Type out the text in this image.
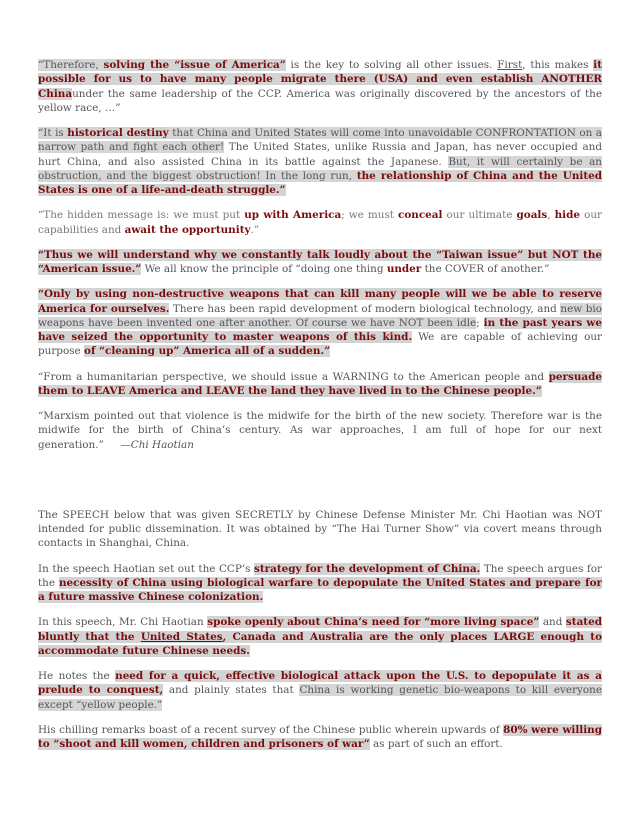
“Therefore, solving the “issue of America” is the key to solving all other issues. First, this makes it possible for us to have many people migrate there (USA) and even establish ANOTHER Chinaunder the same leadership of the CCP. America was originally discovered by the ancestors of the yellow race, …”

“It is historical destiny that China and United States will come into unavoidable CONFRONTATION on a narrow path and fight each other! The United States, unlike Russia and Japan, has never occupied and hurt China, and also assisted China in its battle against the Japanese. But, it will certainly be an obstruction, and the biggest obstruction! In the long run, the relationship of China and the United States is one of a life-and-death struggle.”

“The hidden message is: we must put up with America; we must conceal our ultimate goals, hide our capabilities and await the opportunity.”

“Thus we will understand why we constantly talk loudly about the “Taiwan issue” but NOT the “American issue.” We all know the principle of “doing one thing under the COVER of another.”

“Only by using non-destructive weapons that can kill many people will we be able to reserve America for ourselves. There has been rapid development of modern biological technology, and new bio weapons have been invented one after another. Of course we have NOT been idle; in the past years we have seized the opportunity to master weapons of this kind. We are capable of achieving our purpose of “cleaning up” America all of a sudden.”

“From a humanitarian perspective, we should issue a WARNING to the American people and persuade them to LEAVE America and LEAVE the land they have lived in to the Chinese people.”

“Marxism pointed out that violence is the midwife for the birth of the new society. Therefore war is the midwife for the birth of China’s century. As war approaches, I am full of hope for our next generation.” —Chi Haotian

The SPEECH below that was given SECRETLY by Chinese Defense Minister Mr. Chi Haotian was NOT intended for public dissemination. It was obtained by “The Hai Turner Show” via covert means through contacts in Shanghai, China.

In the speech Haotian set out the CCP’s strategy for the development of China. The speech argues for the necessity of China using biological warfare to depopulate the United States and prepare for a future massive Chinese colonization.

In this speech, Mr. Chi Haotian spoke openly about China’s need for “more living space” and stated bluntly that the United States, Canada and Australia are the only places LARGE enough to accommodate future Chinese needs.

He notes the need for a quick, effective biological attack upon the U.S. to depopulate it as a prelude to conquest, and plainly states that China is working genetic bio-weapons to kill everyone except “yellow people.”

His chilling remarks boast of a recent survey of the Chinese public wherein upwards of 80% were willing to “shoot and kill women, children and prisoners of war” as part of such an effort.
